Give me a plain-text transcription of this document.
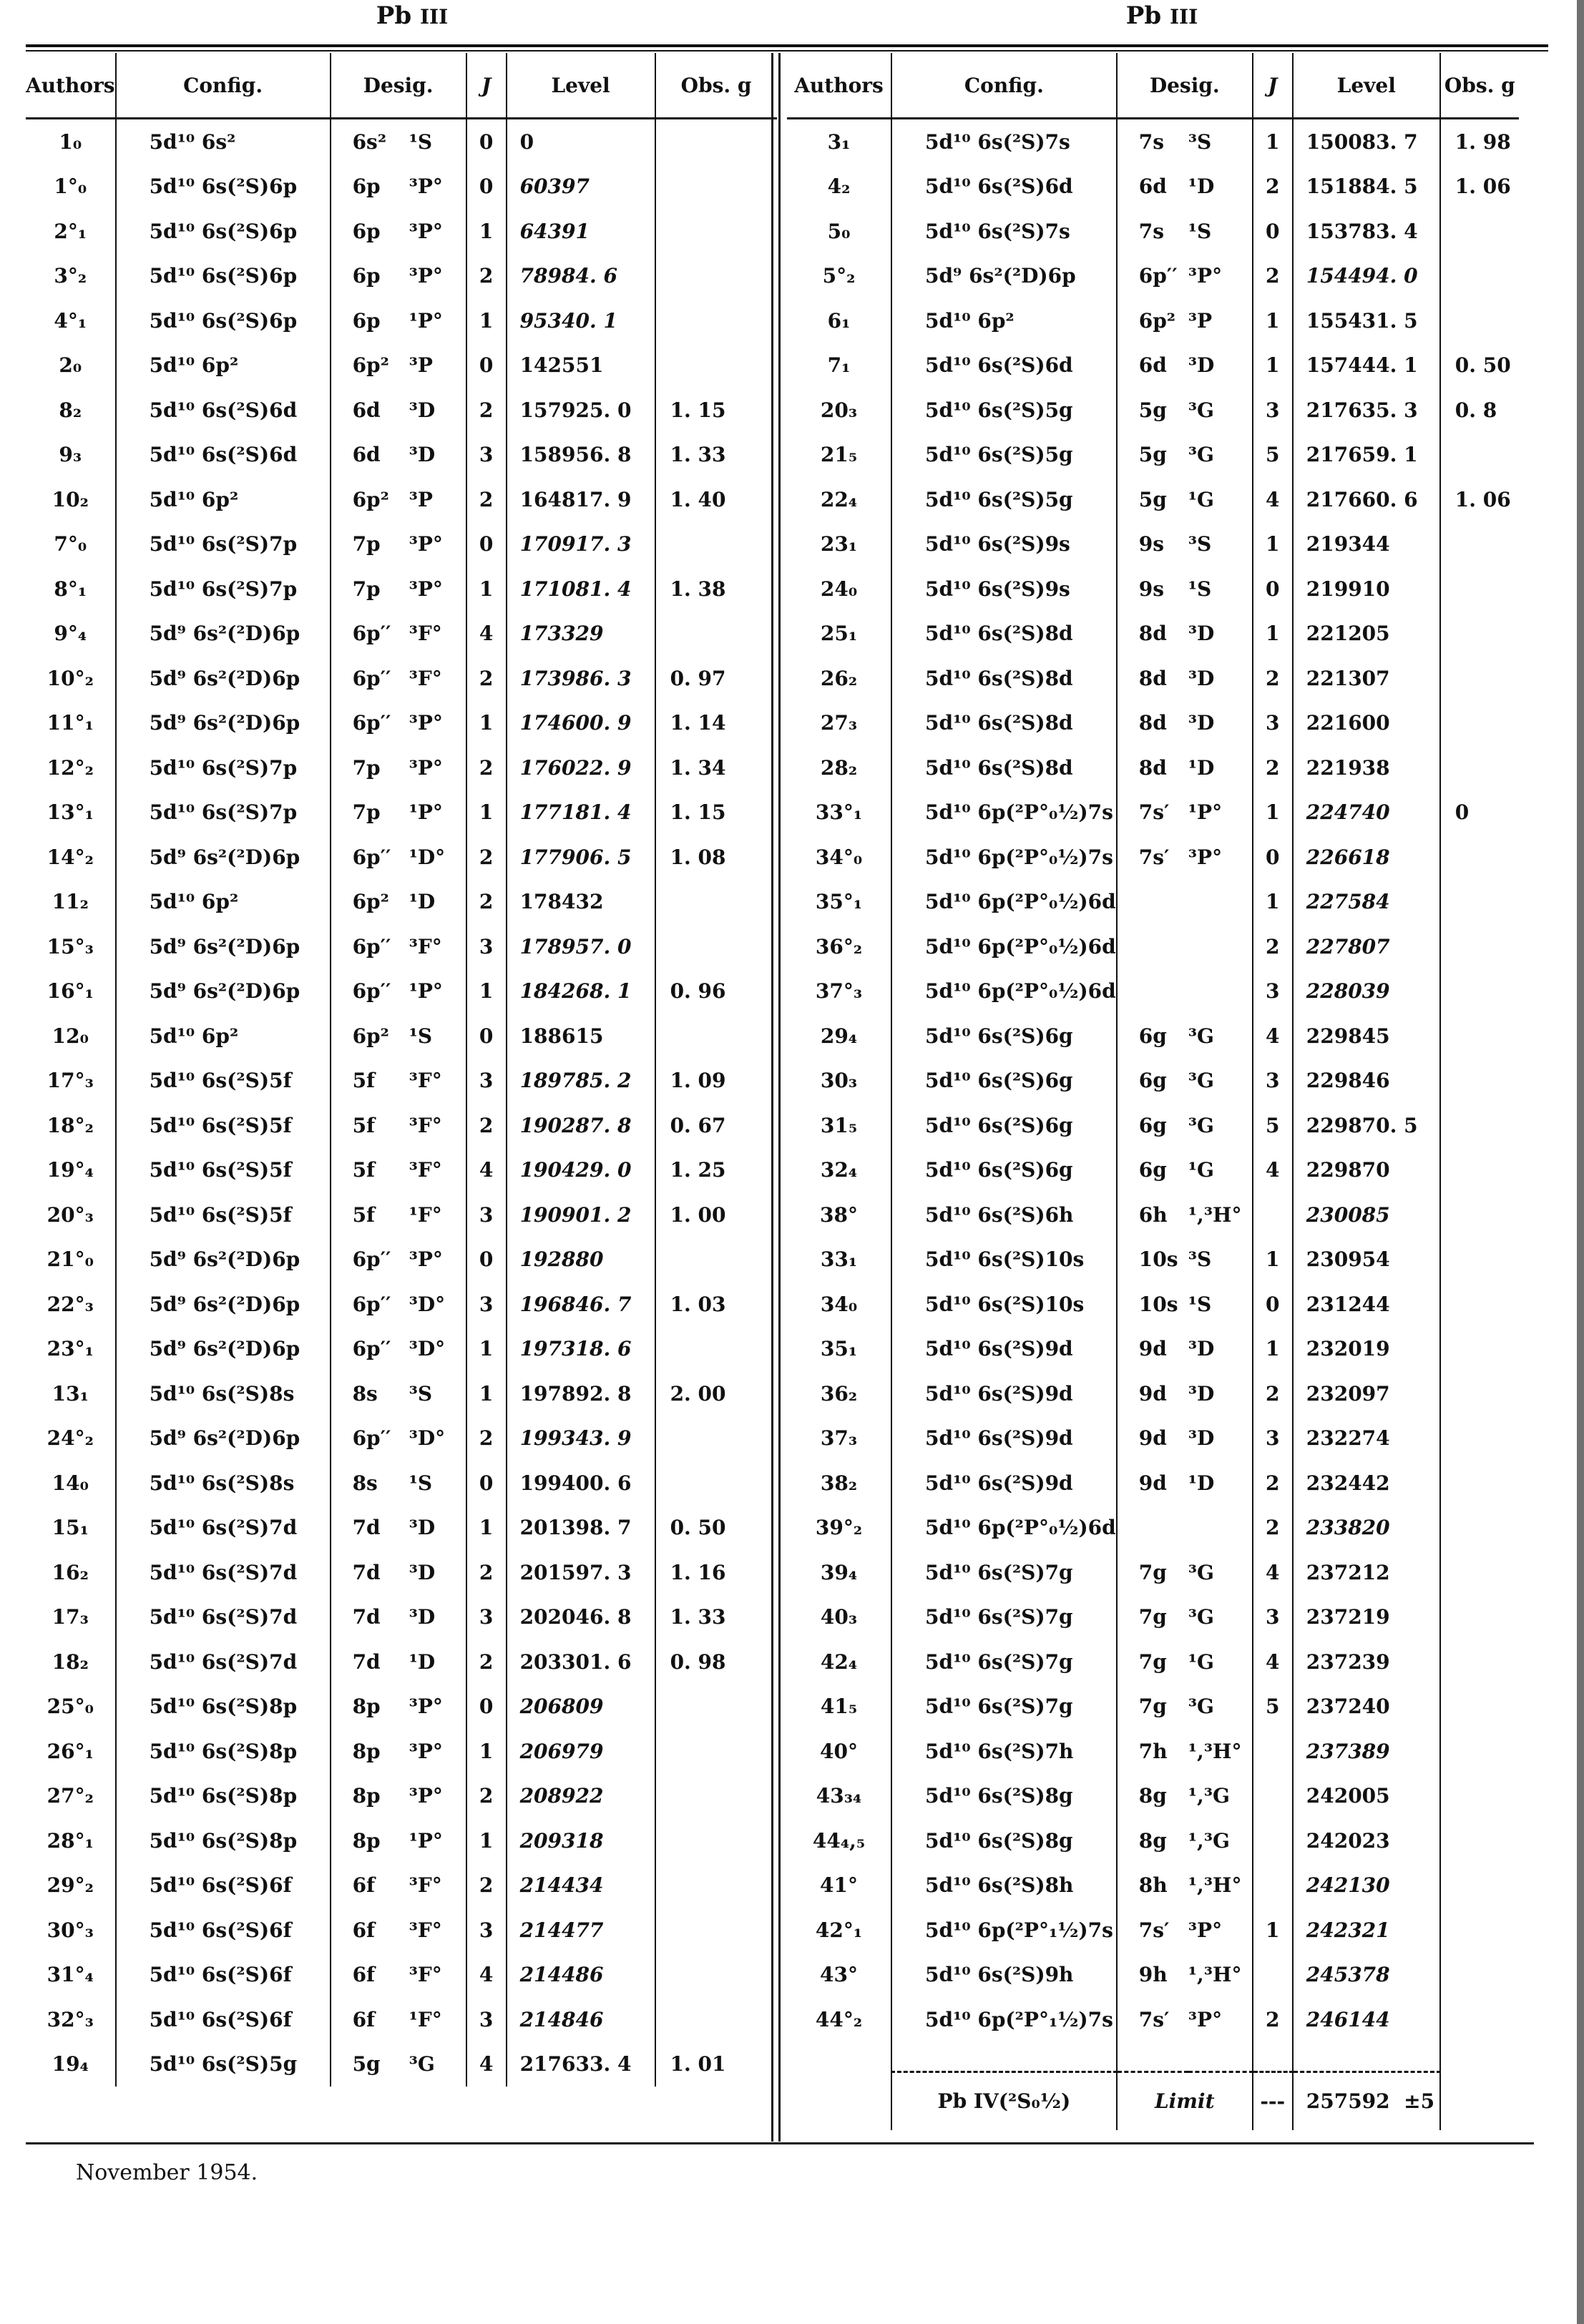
Pb III	Pb III
Authors	Config.	Desig.		J	Level	Obs. g
1₀	5d¹⁰ 6s²	6s²	¹S	0	0	
1°₀	5d¹⁰ 6s(²S)6p	6p	³P°	0	60397	
2°₁	5d¹⁰ 6s(²S)6p	6p	³P°	1	64391	
3°₂	5d¹⁰ 6s(²S)6p	6p	³P°	2	78984. 6	
4°₁	5d¹⁰ 6s(²S)6p	6p	¹P°	1	95340. 1	
2₀	5d¹⁰ 6p²	6p²	³P	0	142551	
8₂	5d¹⁰ 6s(²S)6d	6d	³D	2	157925. 0	1. 15
9₃	5d¹⁰ 6s(²S)6d	6d	³D	3	158956. 8	1. 33
10₂	5d¹⁰ 6p²	6p²	³P	2	164817. 9	1. 40
7°₀	5d¹⁰ 6s(²S)7p	7p	³P°	0	170917. 3	
8°₁	5d¹⁰ 6s(²S)7p	7p	³P°	1	171081. 4	1. 38
9°₄	5d⁹ 6s²(²D)6p	6p′′	³F°	4	173329	
10°₂	5d⁹ 6s²(²D)6p	6p′′	³F°	2	173986. 3	0. 97
11°₁	5d⁹ 6s²(²D)6p	6p′′	³P°	1	174600. 9	1. 14
12°₂	5d¹⁰ 6s(²S)7p	7p	³P°	2	176022. 9	1. 34
13°₁	5d¹⁰ 6s(²S)7p	7p	¹P°	1	177181. 4	1. 15
14°₂	5d⁹ 6s²(²D)6p	6p′′	¹D°	2	177906. 5	1. 08
11₂	5d¹⁰ 6p²	6p²	¹D	2	178432	
15°₃	5d⁹ 6s²(²D)6p	6p′′	³F°	3	178957. 0	
16°₁	5d⁹ 6s²(²D)6p	6p′′	¹P°	1	184268. 1	0. 96
12₀	5d¹⁰ 6p²	6p²	¹S	0	188615	
17°₃	5d¹⁰ 6s(²S)5f	5f	³F°	3	189785. 2	1. 09
18°₂	5d¹⁰ 6s(²S)5f	5f	³F°	2	190287. 8	0. 67
19°₄	5d¹⁰ 6s(²S)5f	5f	³F°	4	190429. 0	1. 25
20°₃	5d¹⁰ 6s(²S)5f	5f	¹F°	3	190901. 2	1. 00
21°₀	5d⁹ 6s²(²D)6p	6p′′	³P°	0	192880	
22°₃	5d⁹ 6s²(²D)6p	6p′′	³D°	3	196846. 7	1. 03
23°₁	5d⁹ 6s²(²D)6p	6p′′	³D°	1	197318. 6	
13₁	5d¹⁰ 6s(²S)8s	8s	³S	1	197892. 8	2. 00
24°₂	5d⁹ 6s²(²D)6p	6p′′	³D°	2	199343. 9	
14₀	5d¹⁰ 6s(²S)8s	8s	¹S	0	199400. 6	
15₁	5d¹⁰ 6s(²S)7d	7d	³D	1	201398. 7	0. 50
16₂	5d¹⁰ 6s(²S)7d	7d	³D	2	201597. 3	1. 16
17₃	5d¹⁰ 6s(²S)7d	7d	³D	3	202046. 8	1. 33
18₂	5d¹⁰ 6s(²S)7d	7d	¹D	2	203301. 6	0. 98
25°₀	5d¹⁰ 6s(²S)8p	8p	³P°	0	206809	
26°₁	5d¹⁰ 6s(²S)8p	8p	³P°	1	206979	
27°₂	5d¹⁰ 6s(²S)8p	8p	³P°	2	208922	
28°₁	5d¹⁰ 6s(²S)8p	8p	¹P°	1	209318	
29°₂	5d¹⁰ 6s(²S)6f	6f	³F°	2	214434	
30°₃	5d¹⁰ 6s(²S)6f	6f	³F°	3	214477	
31°₄	5d¹⁰ 6s(²S)6f	6f	³F°	4	214486	
32°₃	5d¹⁰ 6s(²S)6f	6f	¹F°	3	214846	
19₄	5d¹⁰ 6s(²S)5g	5g	³G	4	217633. 4	1. 01
Authors	Config.	Desig.		J	Level	Obs. g
3₁	5d¹⁰ 6s(²S)7s	7s	³S	1	150083. 7	1. 98
4₂	5d¹⁰ 6s(²S)6d	6d	¹D	2	151884. 5	1. 06
5₀	5d¹⁰ 6s(²S)7s	7s	¹S	0	153783. 4	
5°₂	5d⁹ 6s²(²D)6p	6p′′	³P°	2	154494. 0	
6₁	5d¹⁰ 6p²	6p²	³P	1	155431. 5	
7₁	5d¹⁰ 6s(²S)6d	6d	³D	1	157444. 1	0. 50
20₃	5d¹⁰ 6s(²S)5g	5g	³G	3	217635. 3	0. 8
21₅	5d¹⁰ 6s(²S)5g	5g	³G	5	217659. 1	
22₄	5d¹⁰ 6s(²S)5g	5g	¹G	4	217660. 6	1. 06
23₁	5d¹⁰ 6s(²S)9s	9s	³S	1	219344	
24₀	5d¹⁰ 6s(²S)9s	9s	¹S	0	219910	
25₁	5d¹⁰ 6s(²S)8d	8d	³D	1	221205	
26₂	5d¹⁰ 6s(²S)8d	8d	³D	2	221307	
27₃	5d¹⁰ 6s(²S)8d	8d	³D	3	221600	
28₂	5d¹⁰ 6s(²S)8d	8d	¹D	2	221938	
33°₁	5d¹⁰ 6p(²P°₀½)7s	7s′	¹P°	1	224740	0
34°₀	5d¹⁰ 6p(²P°₀½)7s	7s′	³P°	0	226618	
35°₁	5d¹⁰ 6p(²P°₀½)6d			1	227584	
36°₂	5d¹⁰ 6p(²P°₀½)6d			2	227807	
37°₃	5d¹⁰ 6p(²P°₀½)6d			3	228039	
29₄	5d¹⁰ 6s(²S)6g	6g	³G	4	229845	
30₃	5d¹⁰ 6s(²S)6g	6g	³G	3	229846	
31₅	5d¹⁰ 6s(²S)6g	6g	³G	5	229870. 5	
32₄	5d¹⁰ 6s(²S)6g	6g	¹G	4	229870	
38°	5d¹⁰ 6s(²S)6h	6h	¹,³H°		230085	
33₁	5d¹⁰ 6s(²S)10s	10s	³S	1	230954	
34₀	5d¹⁰ 6s(²S)10s	10s	¹S	0	231244	
35₁	5d¹⁰ 6s(²S)9d	9d	³D	1	232019	
36₂	5d¹⁰ 6s(²S)9d	9d	³D	2	232097	
37₃	5d¹⁰ 6s(²S)9d	9d	³D	3	232274	
38₂	5d¹⁰ 6s(²S)9d	9d	¹D	2	232442	
39°₂	5d¹⁰ 6p(²P°₀½)6d			2	233820	
39₄	5d¹⁰ 6s(²S)7g	7g	³G	4	237212	
40₃	5d¹⁰ 6s(²S)7g	7g	³G	3	237219	
42₄	5d¹⁰ 6s(²S)7g	7g	¹G	4	237239	
41₅	5d¹⁰ 6s(²S)7g	7g	³G	5	237240	
40°	5d¹⁰ 6s(²S)7h	7h	¹,³H°		237389	
43₃₄	5d¹⁰ 6s(²S)8g	8g	¹,³G		242005	
44₄,₅	5d¹⁰ 6s(²S)8g	8g	¹,³G		242023	
41°	5d¹⁰ 6s(²S)8h	8h	¹,³H°		242130	
42°₁	5d¹⁰ 6p(²P°₁½)7s	7s′	³P°	1	242321	
43°	5d¹⁰ 6s(²S)9h	9h	¹,³H°		245378	
44°₂	5d¹⁰ 6p(²P°₁½)7s	7s′	³P°	2	246144	

	Pb IV(²S₀½)	Limit		---	257592  ±5	
November 1954.
